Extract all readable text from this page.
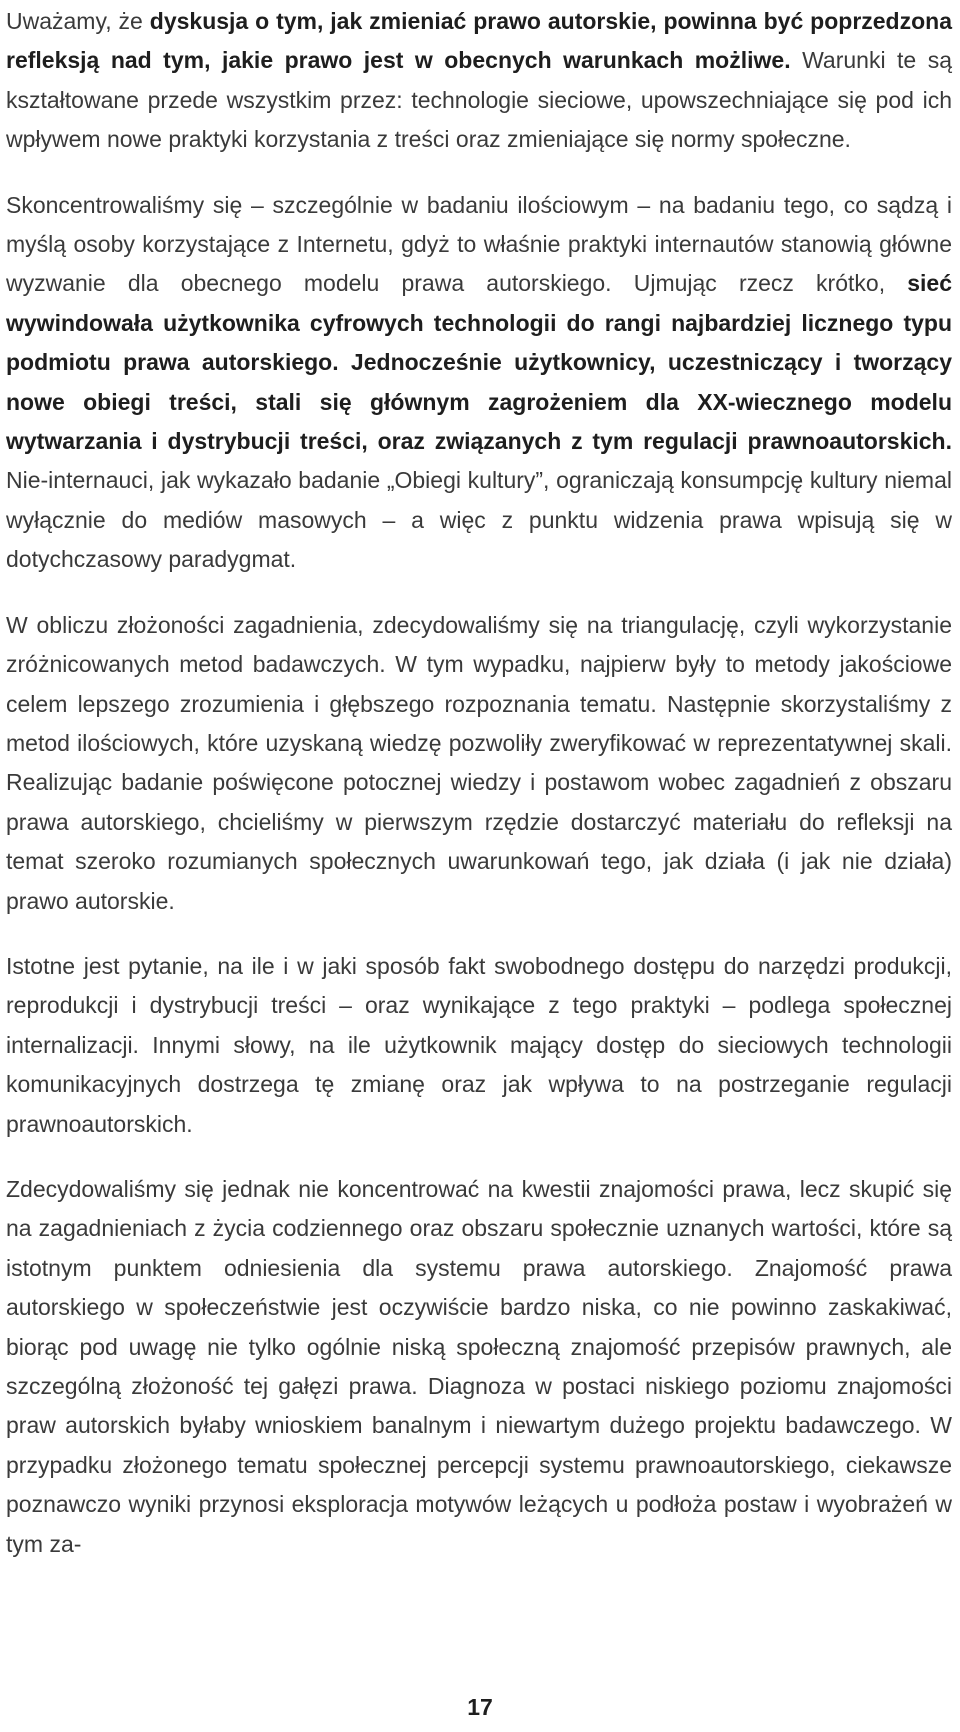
Uważamy, że dyskusja o tym, jak zmieniać prawo autorskie, powinna być poprzedzona refleksją nad tym, jakie prawo jest w obecnych warunkach możliwe. Warunki te są kształtowane przede wszystkim przez: technologie sieciowe, upowszechniające się pod ich wpływem nowe praktyki korzystania z treści oraz zmieniające się normy społeczne.

Skoncentrowaliśmy się – szczególnie w badaniu ilościowym – na badaniu tego, co sądzą i myślą osoby korzystające z Internetu, gdyż to właśnie praktyki internautów stanowią główne wyzwanie dla obecnego modelu prawa autorskiego. Ujmując rzecz krótko, sieć wywindowała użytkownika cyfrowych technologii do rangi najbardziej licznego typu podmiotu prawa autorskiego. Jednocześnie użytkownicy, uczestniczący i tworzący nowe obiegi treści, stali się głównym zagrożeniem dla XX-wiecznego modelu wytwarzania i dystrybucji treści, oraz związanych z tym regulacji prawnoautorskich. Nie-internauci, jak wykazało badanie „Obiegi kultury”, ograniczają konsumpcję kultury niemal wyłącznie do mediów masowych – a więc z punktu widzenia prawa wpisują się w dotychczasowy paradygmat.

W obliczu złożoności zagadnienia, zdecydowaliśmy się na triangulację, czyli wykorzystanie zróżnicowanych metod badawczych. W tym wypadku, najpierw były to metody jakościowe celem lepszego zrozumienia i głębszego rozpoznania tematu. Następnie skorzystaliśmy z metod ilościowych, które uzyskaną wiedzę pozwoliły zweryfikować w reprezentatywnej skali. Realizując badanie poświęcone potocznej wiedzy i postawom wobec zagadnień z obszaru prawa autorskiego, chcieliśmy w pierwszym rzędzie dostarczyć materiału do refleksji na temat szeroko rozumianych społecznych uwarunkowań tego, jak działa (i jak nie działa) prawo autorskie.

Istotne jest pytanie, na ile i w jaki sposób fakt swobodnego dostępu do narzędzi produkcji, reprodukcji i dystrybucji treści – oraz wynikające z tego praktyki – podlega społecznej internalizacji. Innymi słowy, na ile użytkownik mający dostęp do sieciowych technologii komunikacyjnych dostrzega tę zmianę oraz jak wpływa to na postrzeganie regulacji prawnoautorskich.

Zdecydowaliśmy się jednak nie koncentrować na kwestii znajomości prawa, lecz skupić się na zagadnieniach z życia codziennego oraz obszaru społecznie uznanych wartości, które są istotnym punktem odniesienia dla systemu prawa autorskiego. Znajomość prawa autorskiego w społeczeństwie jest oczywiście bardzo niska, co nie powinno zaskakiwać, biorąc pod uwagę nie tylko ogólnie niską społeczną znajomość przepisów prawnych, ale szczególną złożoność tej gałęzi prawa. Diagnoza w postaci niskiego poziomu znajomości praw autorskich byłaby wnioskiem banalnym i niewartym dużego projektu badawczego. W przypadku złożonego tematu społecznej percepcji systemu prawnoautorskiego, ciekawsze poznawczo wyniki przynosi eksploracja motywów leżących u podłoża postaw i wyobrażeń w tym za-

17
